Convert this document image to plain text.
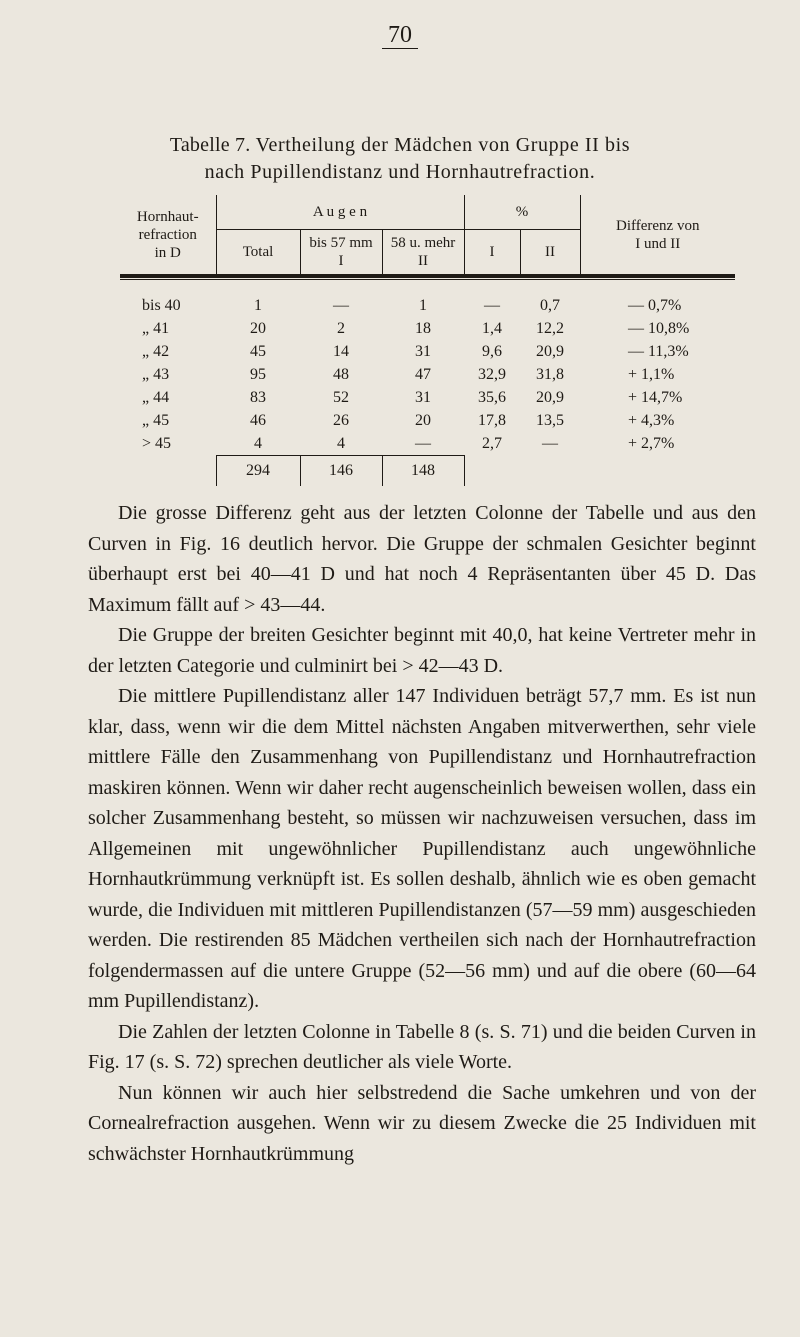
70
Tabelle 7. Vertheilung der Mädchen von Gruppe II bis
nach Pupillendistanz und Hornhautrefraction.

Hornhaut-
refraction
in D	A u g e n			%		Differenz von
I und II
	Total	bis 57 mm
I	58 u. mehr
II	I	II	

bis 40	1	—	1	—	0,7	— 0,7%
„ 41	20	2	18	1,4	12,2	— 10,8%
„ 42	45	14	31	9,6	20,9	— 11,3%
„ 43	95	48	47	32,9	31,8	+ 1,1%
„ 44	83	52	31	35,6	20,9	+ 14,7%
„ 45	46	26	20	17,8	13,5	+ 4,3%
> 45	4	4	—	2,7	—	+ 2,7%
	294	146	148			

Die grosse Differenz geht aus der letzten Colonne der Tabelle und aus den Curven in Fig. 16 deutlich hervor. Die Gruppe der schmalen Gesichter beginnt überhaupt erst bei 40—41 D und hat noch 4 Repräsentanten über 45 D. Das Maximum fällt auf > 43—44.

Die Gruppe der breiten Gesichter beginnt mit 40,0, hat keine Vertreter mehr in der letzten Categorie und culminirt bei > 42—43 D.

Die mittlere Pupillendistanz aller 147 Individuen beträgt 57,7 mm. Es ist nun klar, dass, wenn wir die dem Mittel nächsten Angaben mitverwerthen, sehr viele mittlere Fälle den Zusammenhang von Pupillendistanz und Hornhautrefraction maskiren können. Wenn wir daher recht augenscheinlich beweisen wollen, dass ein solcher Zusammenhang besteht, so müssen wir nachzuweisen versuchen, dass im Allgemeinen mit ungewöhnlicher Pupillendistanz auch ungewöhnliche Hornhautkrümmung verknüpft ist. Es sollen deshalb, ähnlich wie es oben gemacht wurde, die Individuen mit mittleren Pupillendistanzen (57—59 mm) ausgeschieden werden. Die restirenden 85 Mädchen vertheilen sich nach der Hornhautrefraction folgendermassen auf die untere Gruppe (52—56 mm) und auf die obere (60—64 mm Pupillendistanz).

Die Zahlen der letzten Colonne in Tabelle 8 (s. S. 71) und die beiden Curven in Fig. 17 (s. S. 72) sprechen deutlicher als viele Worte.

Nun können wir auch hier selbstredend die Sache umkehren und von der Cornealrefraction ausgehen. Wenn wir zu diesem Zwecke die 25 Individuen mit schwächster Hornhautkrümmung
